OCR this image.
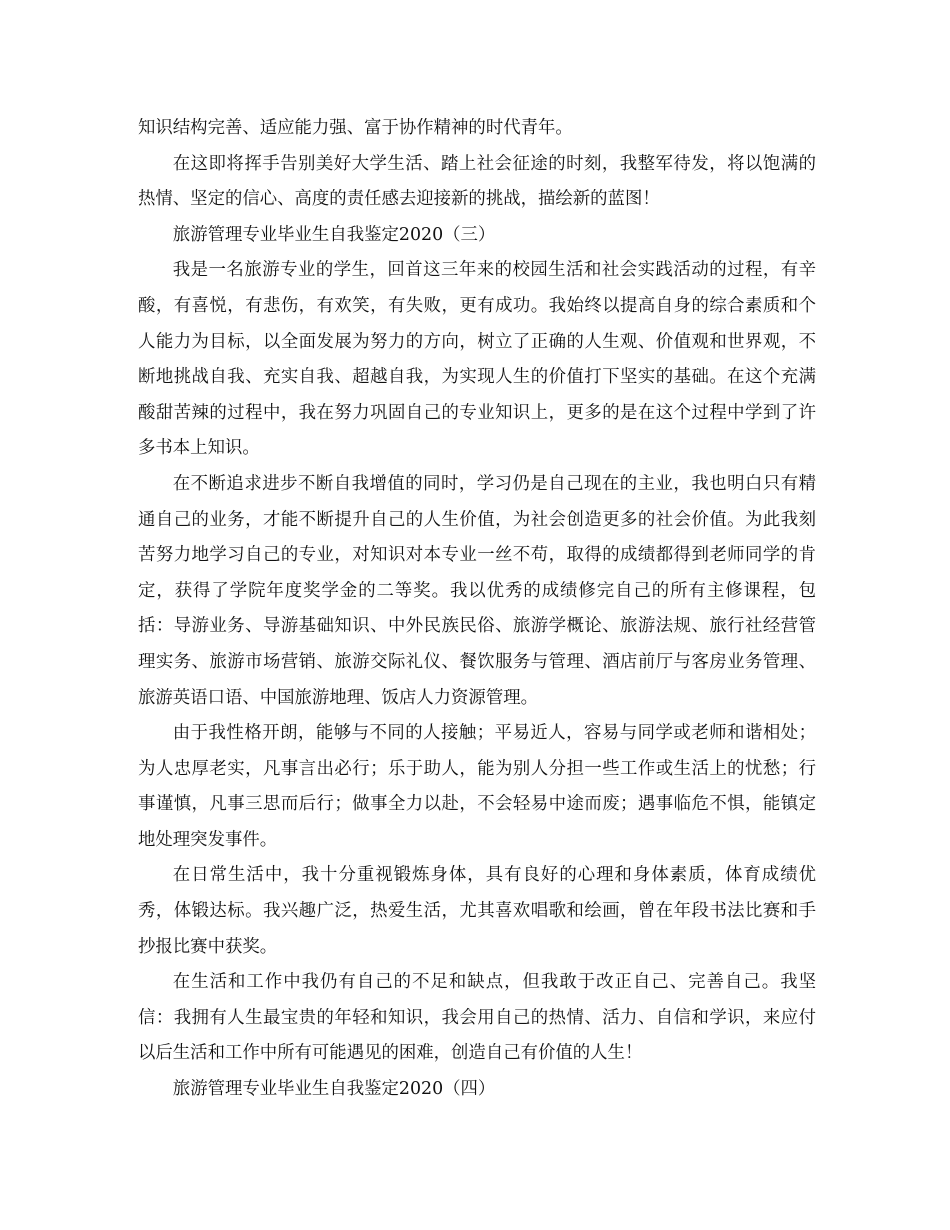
知识结构完善、适应能力强、富于协作精神的时代青年。

在这即将挥手告别美好大学生活、踏上社会征途的时刻，我整军待发，将以饱满的热情、坚定的信心、高度的责任感去迎接新的挑战，描绘新的蓝图！

旅游管理专业毕业生自我鉴定2020（三）

我是一名旅游专业的学生，回首这三年来的校园生活和社会实践活动的过程，有辛酸，有喜悦，有悲伤，有欢笑，有失败，更有成功。我始终以提高自身的综合素质和个人能力为目标，以全面发展为努力的方向，树立了正确的人生观、价值观和世界观，不断地挑战自我、充实自我、超越自我，为实现人生的价值打下坚实的基础。在这个充满酸甜苦辣的过程中，我在努力巩固自己的专业知识上，更多的是在这个过程中学到了许多书本上知识。

在不断追求进步不断自我增值的同时，学习仍是自己现在的主业，我也明白只有精通自己的业务，才能不断提升自己的人生价值，为社会创造更多的社会价值。为此我刻苦努力地学习自己的专业，对知识对本专业一丝不苟，取得的成绩都得到老师同学的肯定，获得了学院年度奖学金的二等奖。我以优秀的成绩修完自己的所有主修课程，包括：导游业务、导游基础知识、中外民族民俗、旅游学概论、旅游法规、旅行社经营管理实务、旅游市场营销、旅游交际礼仪、餐饮服务与管理、酒店前厅与客房业务管理、旅游英语口语、中国旅游地理、饭店人力资源管理。

由于我性格开朗，能够与不同的人接触；平易近人，容易与同学或老师和谐相处；为人忠厚老实，凡事言出必行；乐于助人，能为别人分担一些工作或生活上的忧愁；行事谨慎，凡事三思而后行；做事全力以赴，不会轻易中途而废；遇事临危不惧，能镇定地处理突发事件。

在日常生活中，我十分重视锻炼身体，具有良好的心理和身体素质，体育成绩优秀，体锻达标。我兴趣广泛，热爱生活，尤其喜欢唱歌和绘画，曾在年段书法比赛和手抄报比赛中获奖。

在生活和工作中我仍有自己的不足和缺点，但我敢于改正自己、完善自己。我坚信：我拥有人生最宝贵的年轻和知识，我会用自己的热情、活力、自信和学识，来应付以后生活和工作中所有可能遇见的困难，创造自己有价值的人生！

旅游管理专业毕业生自我鉴定2020（四）
